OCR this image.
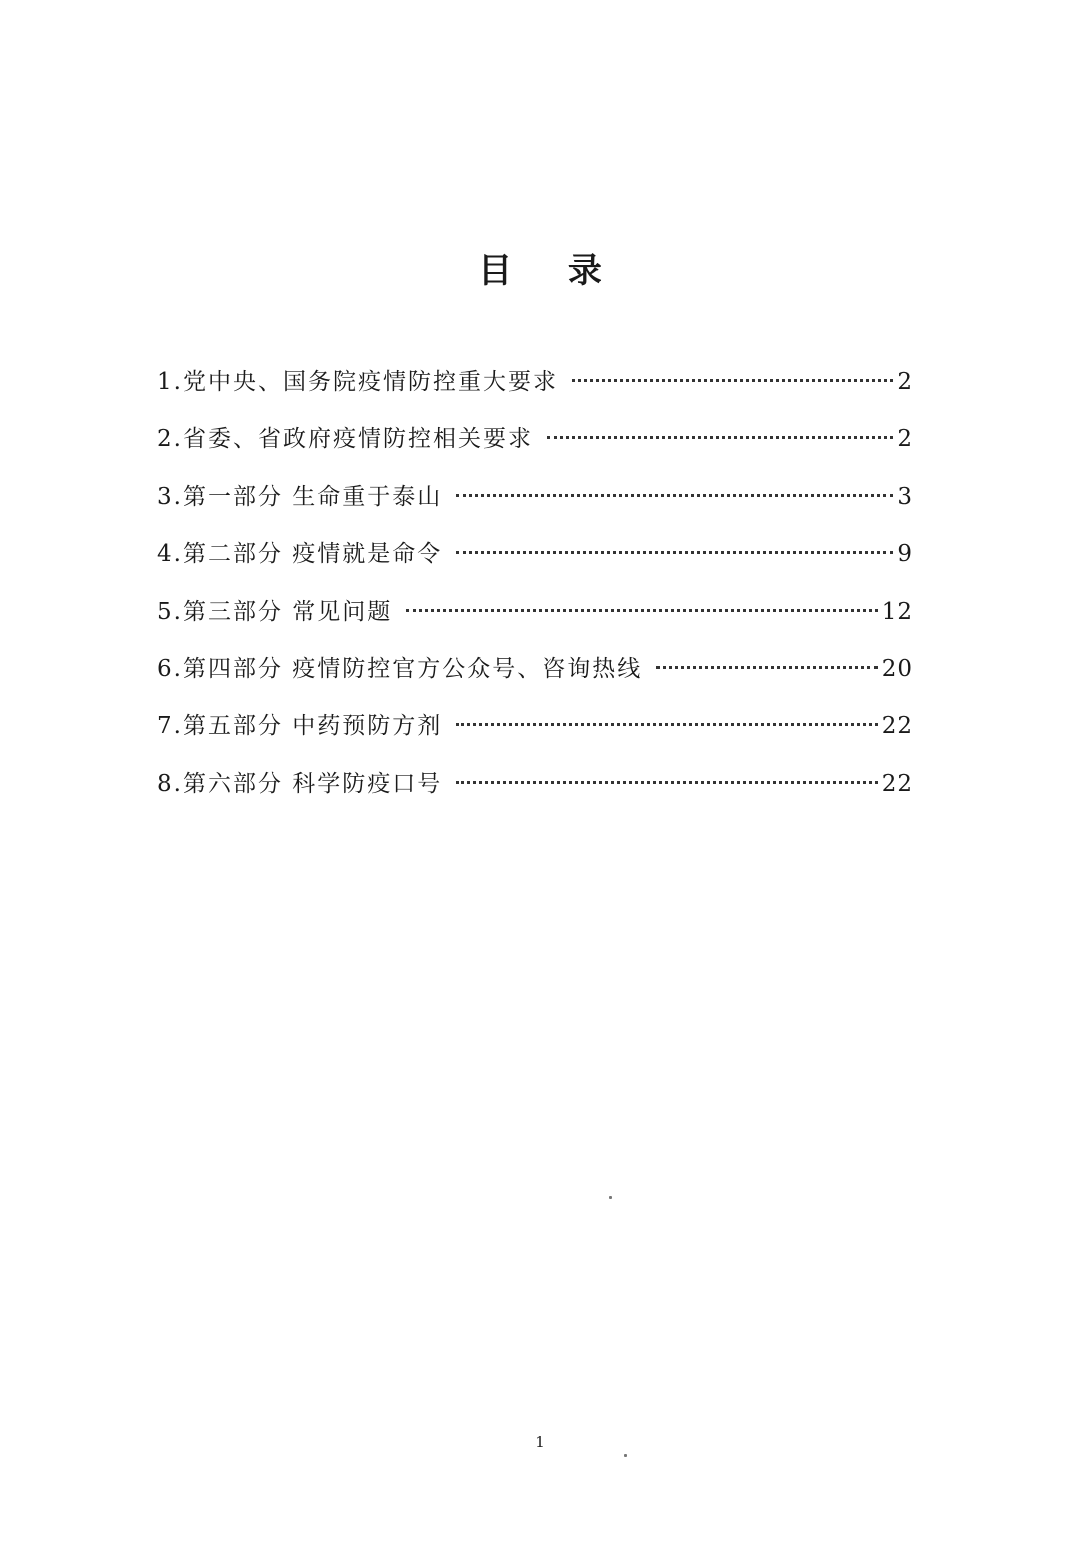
目 录
1.党中央、国务院疫情防控重大要求	2
2.省委、省政府疫情防控相关要求	2
3.第一部分 生命重于泰山	3
4.第二部分 疫情就是命令	9
5.第三部分 常见问题	12
6.第四部分 疫情防控官方公众号、咨询热线	20
7.第五部分 中药预防方剂	22
8.第六部分 科学防疫口号	22
1
